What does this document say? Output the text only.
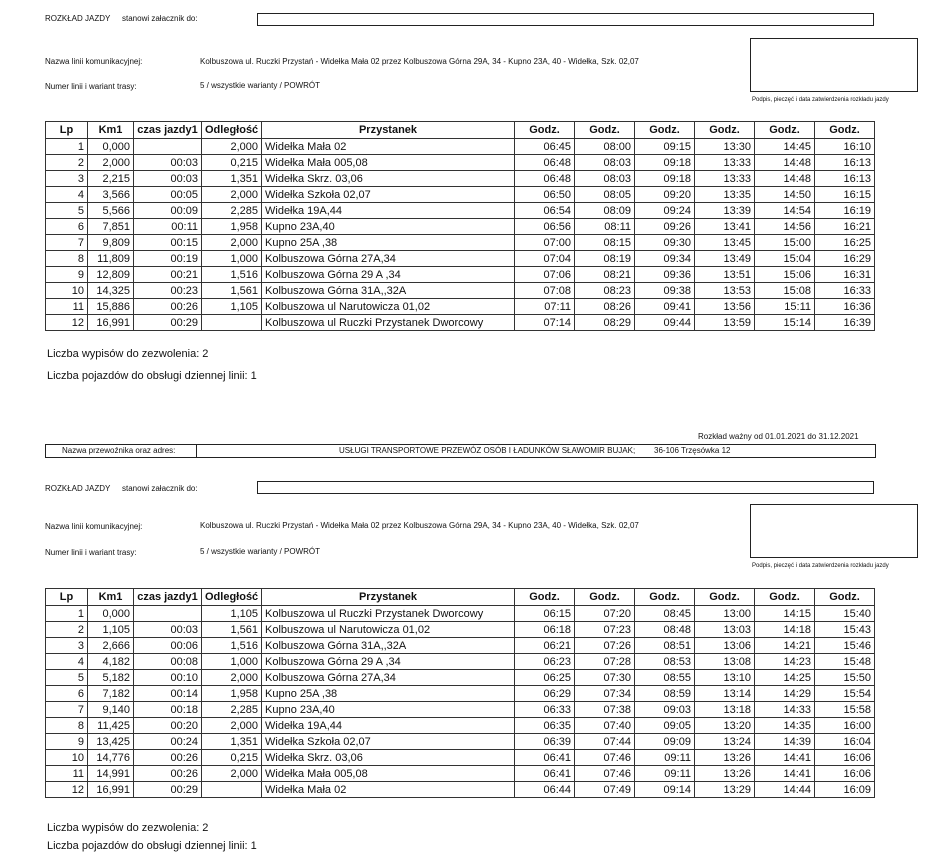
ROZKŁAD JAZDY stanowi załacznik do:
Nazwa linii komunikacyjnej:	Kolbuszowa ul. Ruczki Przystań - Widełka Mała 02 przez Kolbuszowa Górna 29A, 34 - Kupno 23A, 40 - Widełka, Szk. 02,07
Numer linii i wariant trasy:	5 / wszystkie warianty / POWRÓT
Podpis, pieczęć i data zatwierdzenia rozkładu jazdy
Lp	Km1	czas jazdy1	Odległość	Przystanek	Godz.	Godz.	Godz.	Godz.	Godz.	Godz.
1	0,000		2,000	Widełka Mała 02	06:45	08:00	09:15	13:30	14:45	16:10
2	2,000	00:03	0,215	Widełka Mała 005,08	06:48	08:03	09:18	13:33	14:48	16:13
3	2,215	00:03	1,351	Widełka Skrz. 03,06	06:48	08:03	09:18	13:33	14:48	16:13
4	3,566	00:05	2,000	Widełka Szkoła 02,07	06:50	08:05	09:20	13:35	14:50	16:15
5	5,566	00:09	2,285	Widełka 19A,44	06:54	08:09	09:24	13:39	14:54	16:19
6	7,851	00:11	1,958	Kupno 23A,40	06:56	08:11	09:26	13:41	14:56	16:21
7	9,809	00:15	2,000	Kupno 25A ,38	07:00	08:15	09:30	13:45	15:00	16:25
8	11,809	00:19	1,000	Kolbuszowa Górna 27A,34	07:04	08:19	09:34	13:49	15:04	16:29
9	12,809	00:21	1,516	Kolbuszowa Górna 29 A ,34	07:06	08:21	09:36	13:51	15:06	16:31
10	14,325	00:23	1,561	Kolbuszowa Górna 31A,,32A	07:08	08:23	09:38	13:53	15:08	16:33
11	15,886	00:26	1,105	Kolbuszowa ul Narutowicza 01,02	07:11	08:26	09:41	13:56	15:11	16:36
12	16,991	00:29		Kolbuszowa ul Ruczki Przystanek Dworcowy	07:14	08:29	09:44	13:59	15:14	16:39
Liczba wypisów do zezwolenia: 2
Liczba pojazdów do obsługi dziennej linii: 1
Rozkład ważny od 01.01.2021 do 31.12.2021
Nazwa przewoźnika oraz adres:	USŁUGI TRANSPORTOWE PRZEWÓZ OSÓB I ŁADUNKÓW SŁAWOMIR BUJAK; 36-106 Trzęsówka 12
ROZKŁAD JAZDY stanowi załacznik do:
Nazwa linii komunikacyjnej:	Kolbuszowa ul. Ruczki Przystań - Widełka Mała 02 przez Kolbuszowa Górna 29A, 34 - Kupno 23A, 40 - Widełka, Szk. 02,07
Numer linii i wariant trasy:	5 / wszystkie warianty / POWRÓT
Podpis, pieczęć i data zatwierdzenia rozkładu jazdy
Lp	Km1	czas jazdy1	Odległość	Przystanek	Godz.	Godz.	Godz.	Godz.	Godz.	Godz.
1	0,000		1,105	Kolbuszowa ul Ruczki Przystanek Dworcowy	06:15	07:20	08:45	13:00	14:15	15:40
2	1,105	00:03	1,561	Kolbuszowa ul Narutowicza 01,02	06:18	07:23	08:48	13:03	14:18	15:43
3	2,666	00:06	1,516	Kolbuszowa Górna 31A,,32A	06:21	07:26	08:51	13:06	14:21	15:46
4	4,182	00:08	1,000	Kolbuszowa Górna 29 A ,34	06:23	07:28	08:53	13:08	14:23	15:48
5	5,182	00:10	2,000	Kolbuszowa Górna 27A,34	06:25	07:30	08:55	13:10	14:25	15:50
6	7,182	00:14	1,958	Kupno 25A ,38	06:29	07:34	08:59	13:14	14:29	15:54
7	9,140	00:18	2,285	Kupno 23A,40	06:33	07:38	09:03	13:18	14:33	15:58
8	11,425	00:20	2,000	Widełka 19A,44	06:35	07:40	09:05	13:20	14:35	16:00
9	13,425	00:24	1,351	Widełka Szkoła 02,07	06:39	07:44	09:09	13:24	14:39	16:04
10	14,776	00:26	0,215	Widełka Skrz. 03,06	06:41	07:46	09:11	13:26	14:41	16:06
11	14,991	00:26	2,000	Widełka Mała 005,08	06:41	07:46	09:11	13:26	14:41	16:06
12	16,991	00:29		Widełka Mała 02	06:44	07:49	09:14	13:29	14:44	16:09
Liczba wypisów do zezwolenia: 2
Liczba pojazdów do obsługi dziennej linii: 1
